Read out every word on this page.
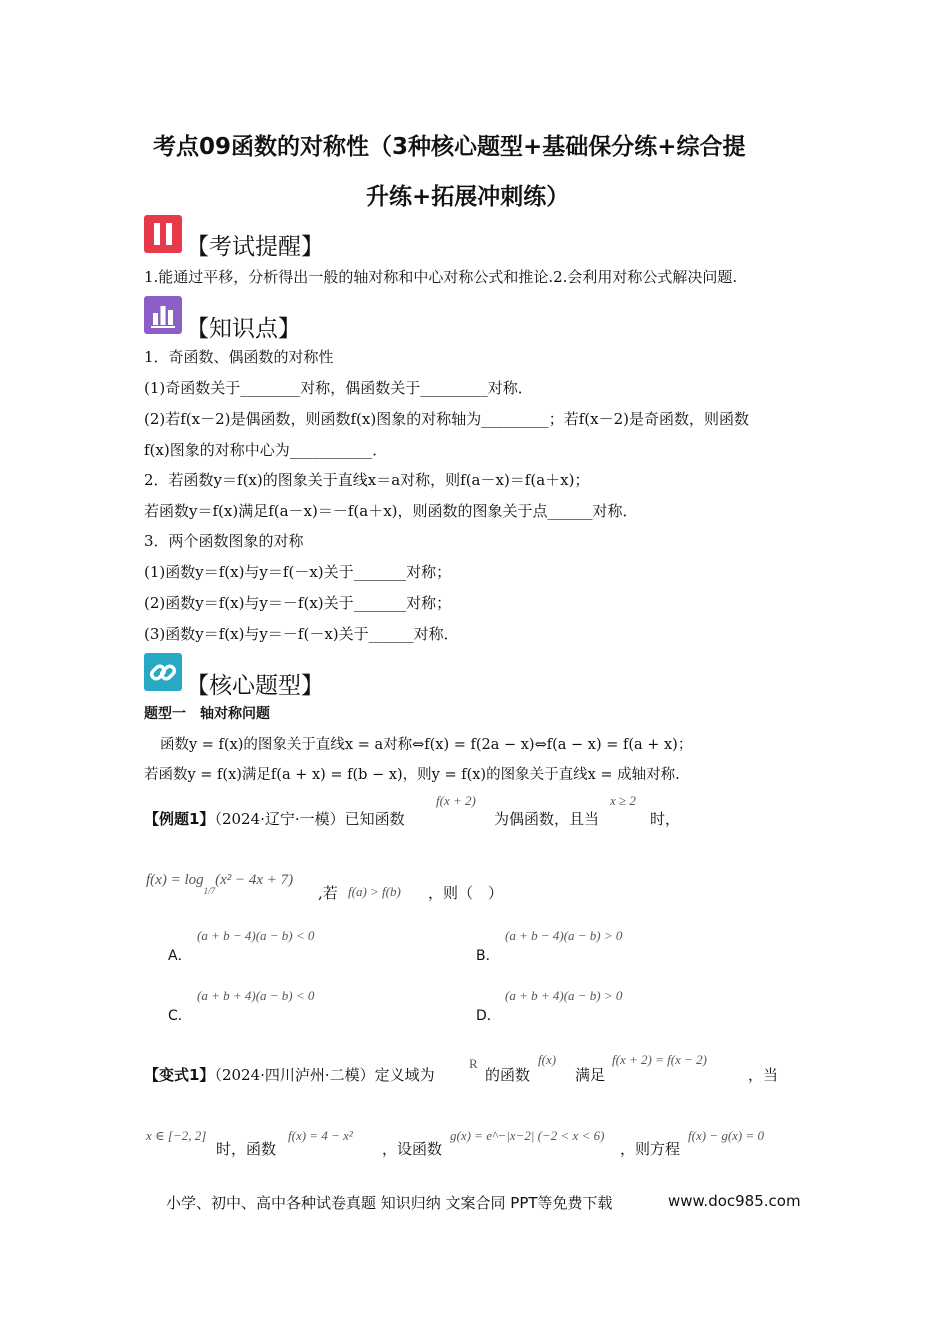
考点09函数的对称性（3种核心题型+基础保分练+综合提
升练+拓展冲刺练）
【考试提醒】
1.能通过平移，分析得出一般的轴对称和中心对称公式和推论.2.会利用对称公式解决问题.
【知识点】
1．奇函数、偶函数的对称性
(1)奇函数关于________对称，偶函数关于_________对称．
(2)若f(x－2)是偶函数，则函数f(x)图象的对称轴为_________；若f(x－2)是奇函数，则函数
f(x)图象的对称中心为___________．
2．若函数y＝f(x)的图象关于直线x＝a对称，则f(a－x)＝f(a＋x)；
若函数y＝f(x)满足f(a－x)＝－f(a＋x)，则函数的图象关于点______对称．
3．两个函数图象的对称
(1)函数y＝f(x)与y＝f(－x)关于_______对称；
(2)函数y＝f(x)与y＝－f(x)关于_______对称；
(3)函数y＝f(x)与y＝－f(－x)关于______对称．
【核心题型】
题型一　轴对称问题
函数y = f(x)的图象关于直线x = a对称⇔f(x) = f(2a − x)⇔f(a − x) = f(a + x)；
若函数y = f(x)满足f(a + x) = f(b − x)，则y = f(x)的图象关于直线x = 成轴对称.
【例题1】（2024·辽宁·一模）已知函数
f(x + 2)
为偶函数，且当
x ≥ 2
时，
$f(x) = \log_{1/7}(x^2 - 4x + 7)$
,若 f(a) > f(b) ，则（　）
(a + b − 4)(a − b) < 0
A．
(a + b − 4)(a − b) > 0
B．
(a + b + 4)(a − b) < 0
C．
(a + b + 4)(a − b) > 0
D．
【变式1】（2024·四川泸州·二模）定义域为
R
的函数
f(x)
满足
f(x + 2) = f(x − 2)
，当
x ∈ [−2, 2]
时，函数
f(x) = 4 − x²
，设函数
g(x) = e^−|x−2| (−2 < x < 6)
，则方程
f(x) − g(x) = 0
小学、初中、高中各种试卷真题 知识归纳 文案合同 PPT等免费下载	www.doc985.com
